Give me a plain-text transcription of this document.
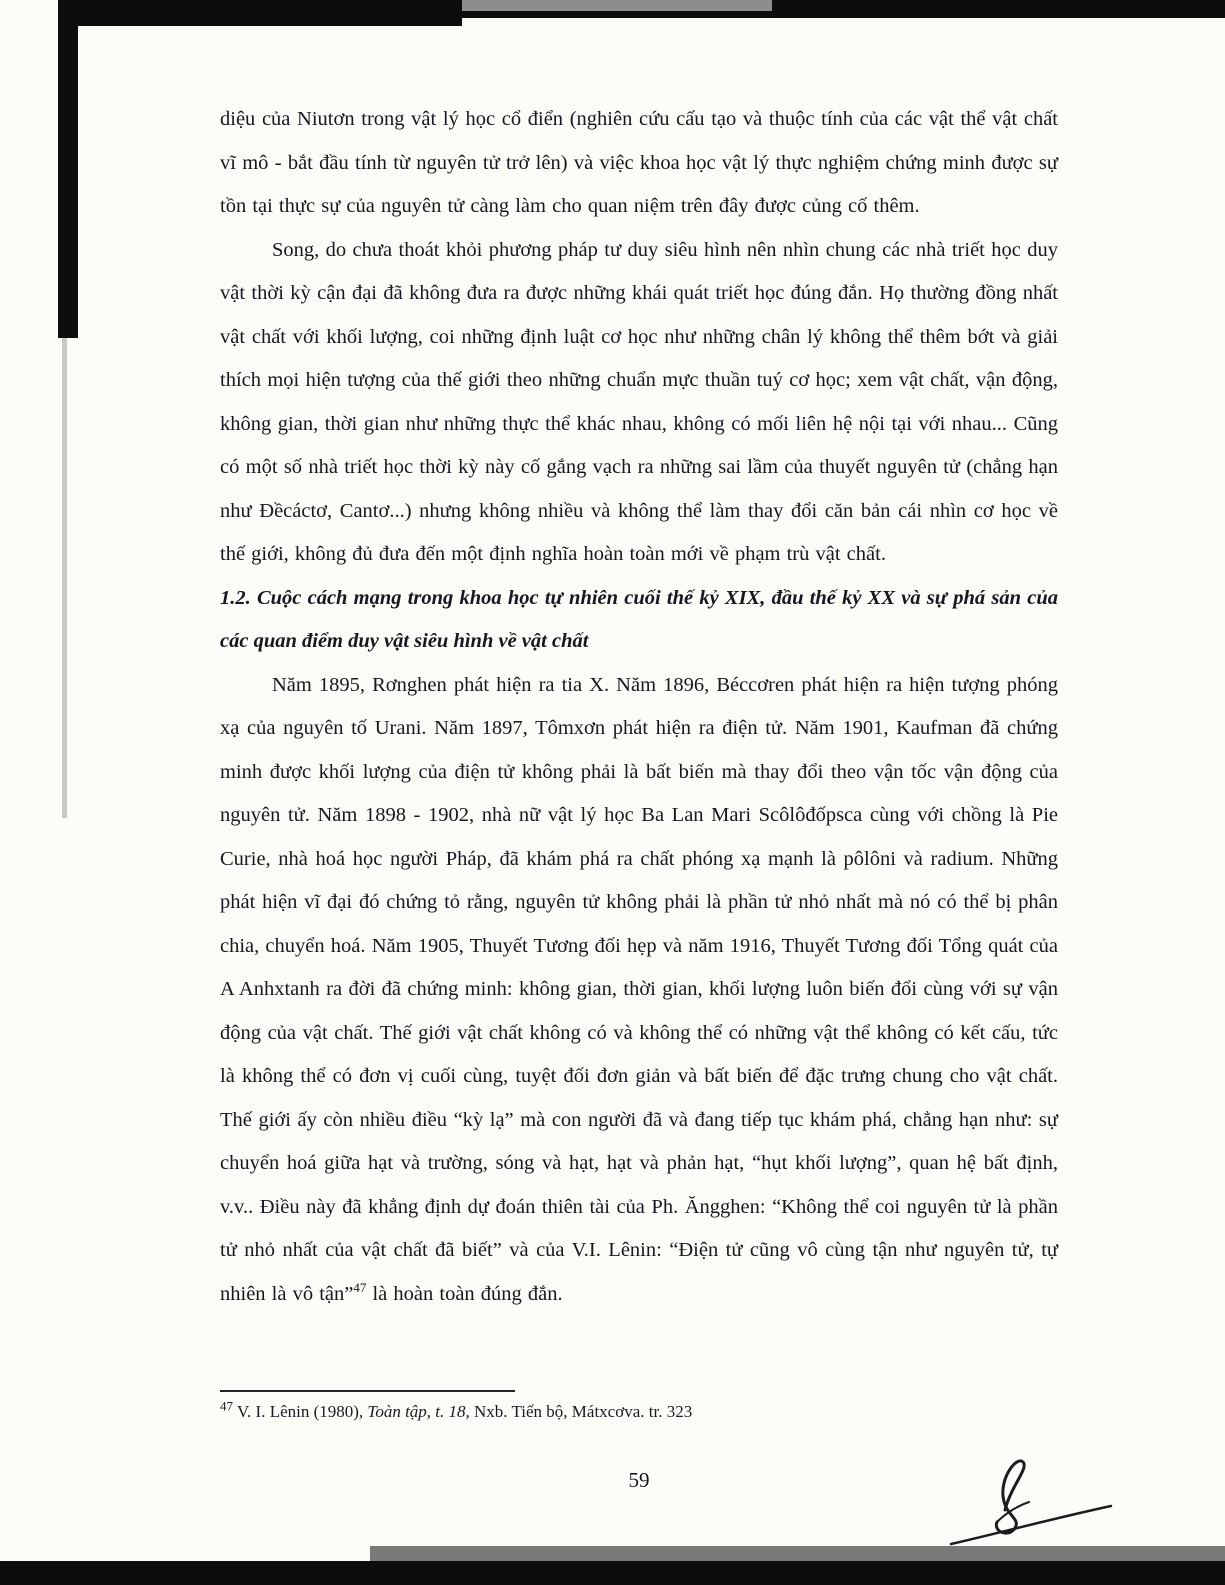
diệu của Niutơn trong vật lý học cổ điển (nghiên cứu cấu tạo và thuộc tính của các vật thể vật chất vĩ mô - bắt đầu tính từ nguyên tử trở lên) và việc khoa học vật lý thực nghiệm chứng minh được sự tồn tại thực sự của nguyên tử càng làm cho quan niệm trên đây được củng cố thêm.

Song, do chưa thoát khỏi phương pháp tư duy siêu hình nên nhìn chung các nhà triết học duy vật thời kỳ cận đại đã không đưa ra được những khái quát triết học đúng đắn. Họ thường đồng nhất vật chất với khối lượng, coi những định luật cơ học như những chân lý không thể thêm bớt và giải thích mọi hiện tượng của thế giới theo những chuẩn mực thuần tuý cơ học; xem vật chất, vận động, không gian, thời gian như những thực thể khác nhau, không có mối liên hệ nội tại với nhau... Cũng có một số nhà triết học thời kỳ này cố gắng vạch ra những sai lầm của thuyết nguyên tử (chẳng hạn như Đềcáctơ, Cantơ...) nhưng không nhiều và không thể làm thay đổi căn bản cái nhìn cơ học về thế giới, không đủ đưa đến một định nghĩa hoàn toàn mới về phạm trù vật chất.

1.2. Cuộc cách mạng trong khoa học tự nhiên cuối thế kỷ XIX, đầu thế kỷ XX và sự phá sản của các quan điểm duy vật siêu hình về vật chất

Năm 1895, Rơnghen phát hiện ra tia X. Năm 1896, Béccơren phát hiện ra hiện tượng phóng xạ của nguyên tố Urani. Năm 1897, Tômxơn phát hiện ra điện tử. Năm 1901, Kaufman đã chứng minh được khối lượng của điện tử không phải là bất biến mà thay đổi theo vận tốc vận động của nguyên tử. Năm 1898 - 1902, nhà nữ vật lý học Ba Lan Mari Scôlôđốpsca cùng với chồng là Pie Curie, nhà hoá học người Pháp, đã khám phá ra chất phóng xạ mạnh là pôlôni và radium. Những phát hiện vĩ đại đó chứng tỏ rằng, nguyên tử không phải là phần tử nhỏ nhất mà nó có thể bị phân chia, chuyển hoá. Năm 1905, Thuyết Tương đối hẹp và năm 1916, Thuyết Tương đối Tổng quát của A Anhxtanh ra đời đã chứng minh: không gian, thời gian, khối lượng luôn biến đổi cùng với sự vận động của vật chất. Thế giới vật chất không có và không thể có những vật thể không có kết cấu, tức là không thể có đơn vị cuối cùng, tuyệt đối đơn giản và bất biến để đặc trưng chung cho vật chất. Thế giới ấy còn nhiều điều “kỳ lạ” mà con người đã và đang tiếp tục khám phá, chẳng hạn như: sự chuyển hoá giữa hạt và trường, sóng và hạt, hạt và phản hạt, “hụt khối lượng”, quan hệ bất định, v.v.. Điều này đã khẳng định dự đoán thiên tài của Ph. Ăngghen: “Không thể coi nguyên tử là phần tử nhỏ nhất của vật chất đã biết” và của V.I. Lênin: “Điện tử cũng vô cùng tận như nguyên tử, tự nhiên là vô tận”$^{47}$ là hoàn toàn đúng đắn.

$^{47}$ V. I. Lênin (1980), Toàn tập, t. 18, Nxb. Tiến bộ, Mátxcơva. tr. 323
59
